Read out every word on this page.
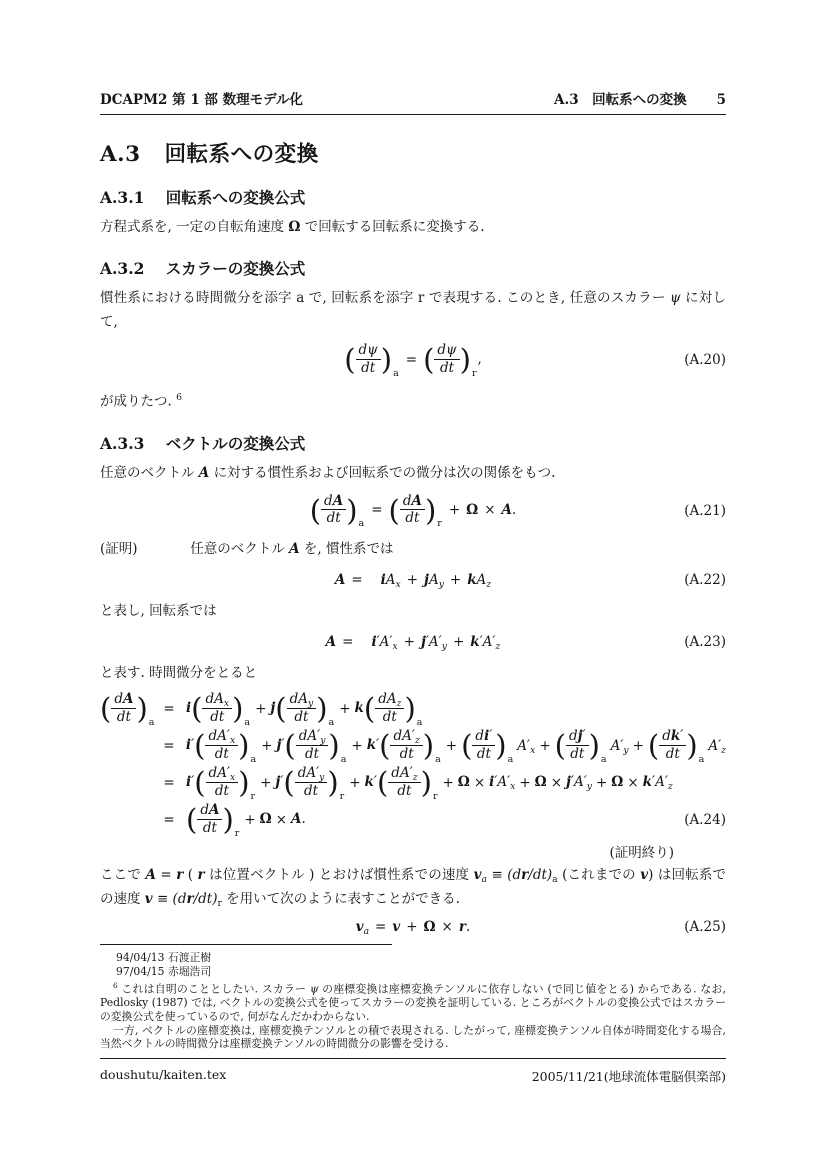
DCAPM2 第 1 部 数理モデル化	A.3　回転系への変換 5
A.3 回転系への変換
A.3.1 回転系への変換公式

方程式系を, 一定の自転角速度 Ω で回転する回転系に変換する.

A.3.2 スカラーの変換公式

慣性系における時間微分を添字 a で, 回転系を添字 r で表現する. このとき, 任意のスカラー ψ に対して,

( $\frac{d\psi}{dt} )_a=$ ( $\frac{d\psi}{dt} )_r$,	(A.20)

が成りたつ. $^6$

A.3.3 ベクトルの変換公式

任意のベクトル A に対する慣性系および回転系での微分は次の関係をもつ.

( $\frac{dA}{dt} )_a=$ ( $\frac{dA}{dt} )_r+ \Omega \times A$.	(A.21)

(証明)	任意のベクトル A を, 慣性系では

$A = iA_x + jA_y + kA_z$	(A.22)

と表し, 回転系では

$A = i'A'_x + j'A'_y + k'A'_z$	(A.23)

と表す. 時間微分をとると

( $\frac{dA}{dt} )_a$
= $i( \frac{dA_x}{dt} )_a+ j( \frac{dA_y}{dt} )_a+ k( \frac{dA_z}{dt} )_a$
= $i'( \frac{dA'_x}{dt} )_a+ j'( \frac{dA'_y}{dt} )_a+ k'( \frac{dA'_z}{dt} )_a+$ ( $\frac{di'}{dt} )_aA'_x$ + ( $\frac{dj'}{dt} )_aA'_y$ + ( $\frac{dk'}{dt} )_aA'_z$
= $i'( \frac{dA'_x}{dt} )_r+ j'( \frac{dA'_y}{dt} )_r+ k'( \frac{dA'_z}{dt} )_r+ \Omega \times i'A'_x + \Omega \times j'A'_y + \Omega \times k'A'_z$
= ( $\frac{dA}{dt} )_r+ \Omega \times A$.	(A.24)
(証明終り)

ここで A = r ( r は位置ベクトル ) とおけば慣性系での速度 $v_a \equiv (dr/dt)_a$ (これまでの v) は回転系での速度 $v \equiv (dr/dt)_r$ を用いて次のように表すことができる.

$v_a = v + \Omega \times r$.	(A.25)
94/04/13 石渡正樹
97/04/15 赤堀浩司

$^6$ これは自明のこととしたい. スカラー ψ の座標変換は座標変換テンソルに依存しない (で同じ値をとる) からである. なお, Pedlosky (1987) では, ベクトルの変換公式を使ってスカラーの変換を証明している. ところがベクトルの変換公式ではスカラーの変換公式を使っているので, 何がなんだかわからない.

一方, ベクトルの座標変換は, 座標変換テンソルとの積で表現される. したがって, 座標変換テンソル自体が時間変化する場合, 当然ベクトルの時間微分は座標変換テンソルの時間微分の影響を受ける.

doushutu/kaiten.tex	2005/11/21(地球流体電脳倶楽部)
